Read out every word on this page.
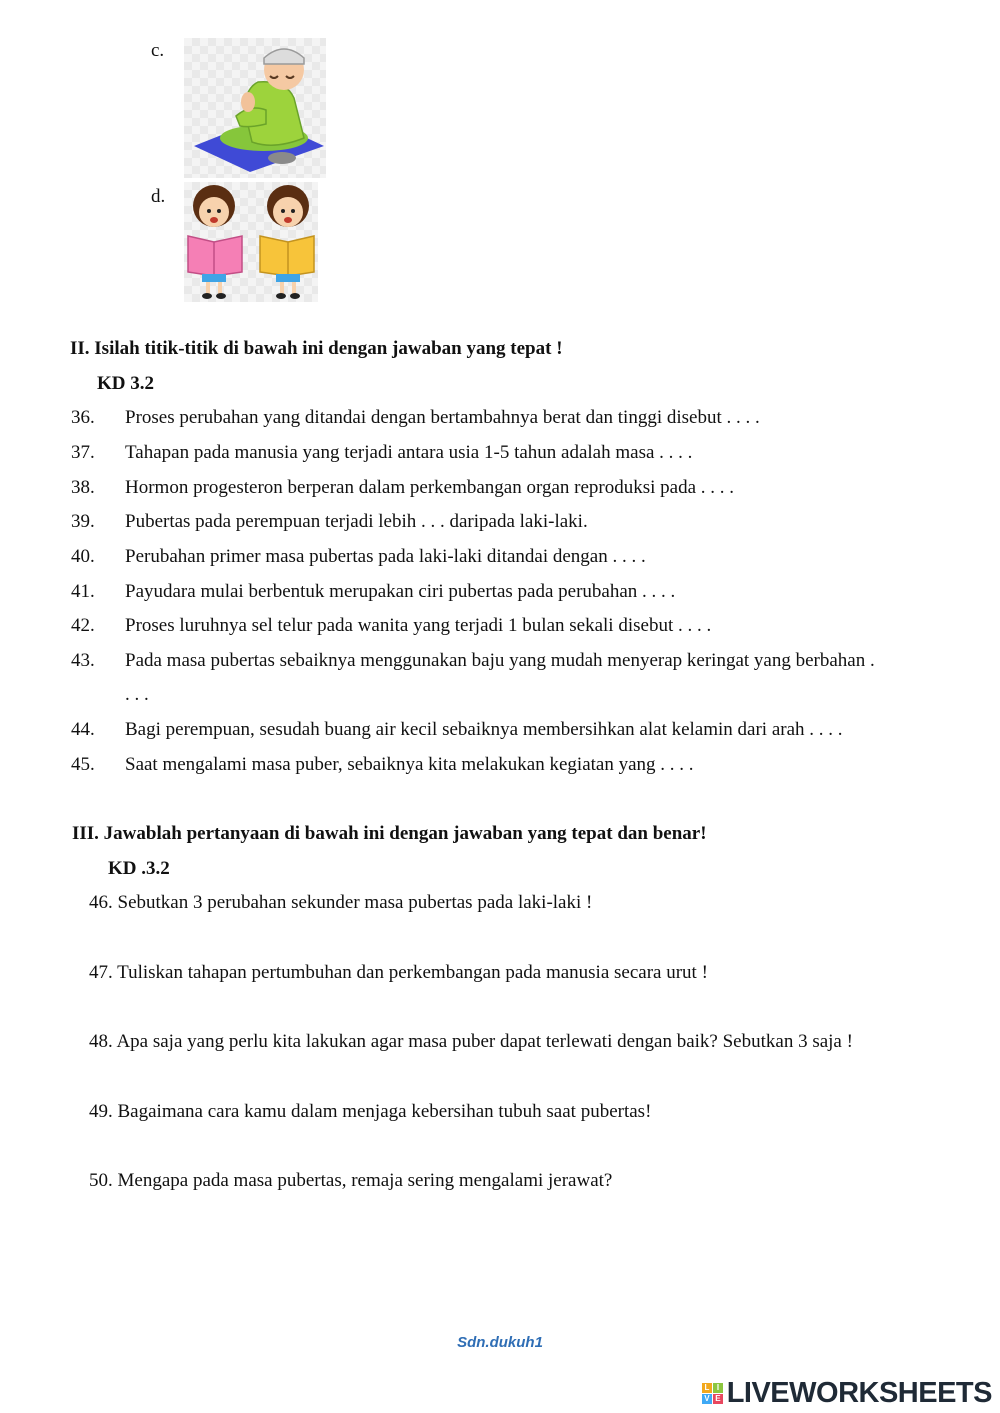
c.
d.
II. Isilah titik-titik di bawah ini dengan jawaban yang tepat !
KD 3.2
36. Proses perubahan yang ditandai dengan bertambahnya berat dan tinggi disebut . . . .
37. Tahapan pada manusia yang terjadi antara usia 1-5 tahun adalah masa . . . .
38. Hormon progesteron berperan dalam perkembangan organ reproduksi pada . . . .
39. Pubertas pada perempuan terjadi lebih . . . daripada laki-laki.
40. Perubahan primer masa pubertas pada laki-laki ditandai dengan . . . .
41. Payudara mulai berbentuk merupakan ciri pubertas pada perubahan . . . .
42. Proses luruhnya sel telur pada wanita yang terjadi 1 bulan sekali disebut . . . .
43. Pada masa pubertas sebaiknya menggunakan baju yang mudah menyerap keringat yang berbahan .
. . .
44. Bagi perempuan, sesudah buang air kecil sebaiknya membersihkan alat kelamin dari arah . . . .
45. Saat mengalami masa puber, sebaiknya kita melakukan kegiatan yang . . . .
III. Jawablah pertanyaan di bawah ini dengan jawaban yang tepat dan benar!
KD .3.2
46. Sebutkan 3 perubahan sekunder masa pubertas pada laki-laki !
47. Tuliskan tahapan pertumbuhan dan perkembangan pada manusia secara urut !
48. Apa saja yang perlu kita lakukan agar masa puber dapat terlewati dengan baik? Sebutkan 3 saja !
49. Bagaimana cara kamu dalam menjaga kebersihan tubuh saat pubertas!
50. Mengapa pada masa pubertas, remaja sering mengalami jerawat?
Sdn.dukuh1
L I
V E LIVEWORKSHEETS
